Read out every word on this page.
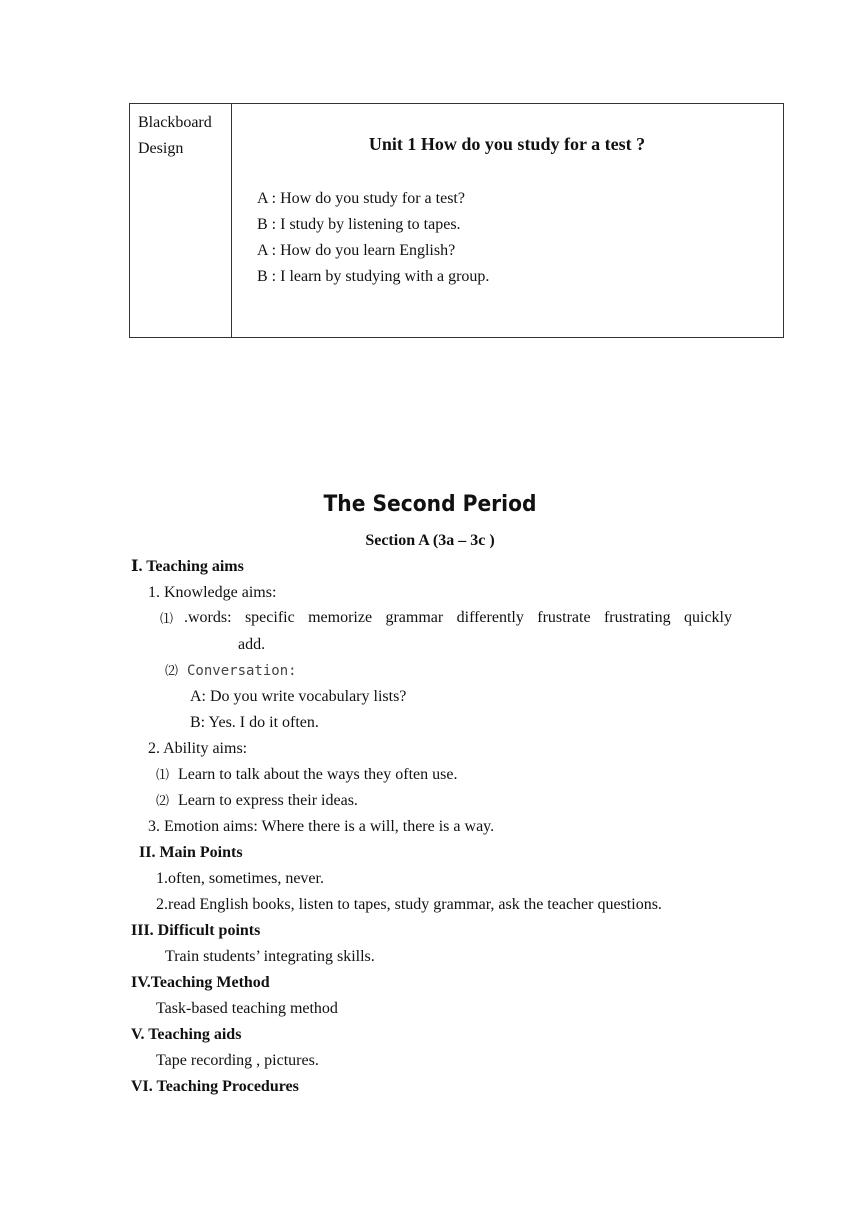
Blackboard
Design	Unit 1 How do you study for a test ?
A : How do you study for a test?
B : I study by listening to tapes.
A : How do you learn English?
B : I learn by studying with a group.
The Second Period
Section A (3a – 3c )
Ⅰ. Teaching aims
1. Knowledge aims:
⑴ .words: specific memorize grammar differently frustrate frustrating quickly
add.
⑵ Conversation:
A: Do you write vocabulary lists?
B: Yes. I do it often.
2. Ability aims:
⑴ Learn to talk about the ways they often use.
⑵ Learn to express their ideas.
3. Emotion aims: Where there is a will, there is a way.
II. Main Points
1.often, sometimes, never.
2.read English books, listen to tapes, study grammar, ask the teacher questions.
III. Difficult points
Train students’ integrating skills.
IV.Teaching Method
Task-based teaching method
V. Teaching aids
Tape recording , pictures.
VI. Teaching Procedures
